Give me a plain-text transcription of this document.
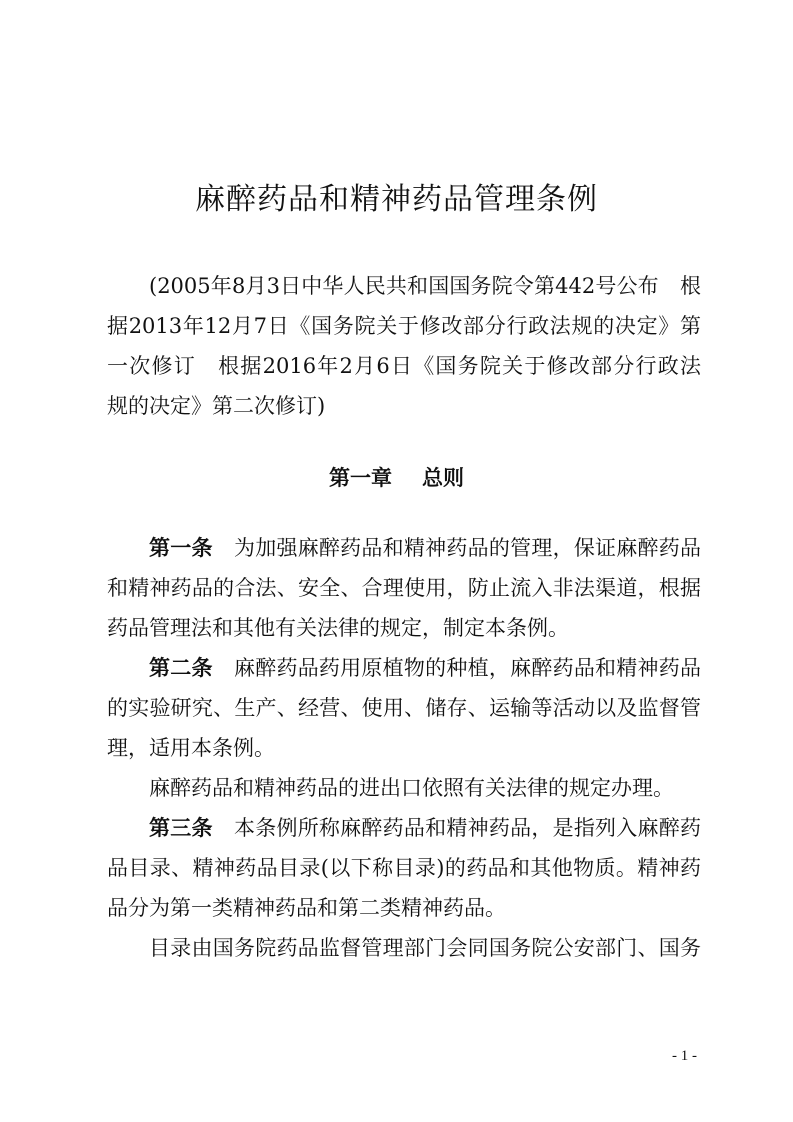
麻醉药品和精神药品管理条例
(2005年8月3日中华人民共和国国务院令第442号公布　根
据2013年12月7日《国务院关于修改部分行政法规的决定》第
一次修订　根据2016年2月6日《国务院关于修改部分行政法
规的决定》第二次修订)
第一章 总则
第一条 为加强麻醉药品和精神药品的管理，保证麻醉药品
和精神药品的合法、安全、合理使用，防止流入非法渠道，根据
药品管理法和其他有关法律的规定，制定本条例。
第二条 麻醉药品药用原植物的种植，麻醉药品和精神药品
的实验研究、生产、经营、使用、储存、运输等活动以及监督管
理，适用本条例。
麻醉药品和精神药品的进出口依照有关法律的规定办理。
第三条 本条例所称麻醉药品和精神药品，是指列入麻醉药
品目录、精神药品目录(以下称目录)的药品和其他物质。精神药
品分为第一类精神药品和第二类精神药品。
目录由国务院药品监督管理部门会同国务院公安部门、国务
- 1 -
